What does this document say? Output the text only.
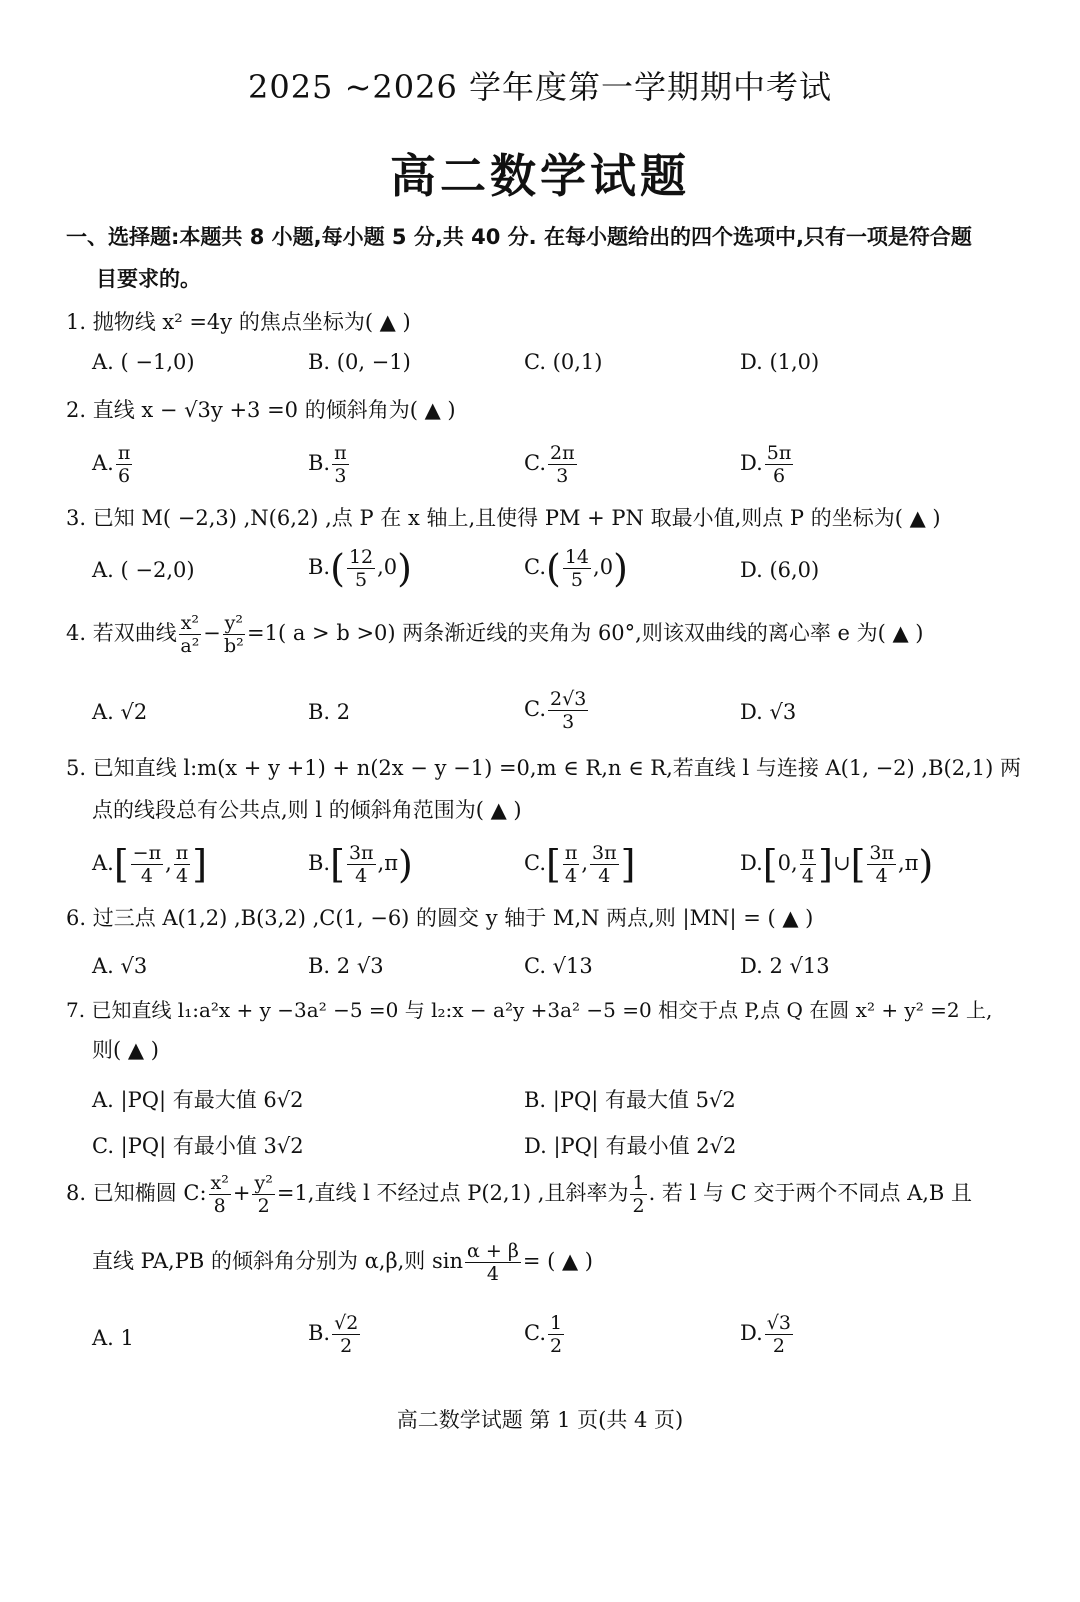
2025 ~2026 学年度第一学期期中考试
高二数学试题
一、选择题:本题共 8 小题,每小题 5 分,共 40 分. 在每小题给出的四个选项中,只有一项是符合题
目要求的。
1. 抛物线 x² =4y 的焦点坐标为( ▲ )
A. ( −1,0)	B. (0, −1)	C. (0,1)	D. (1,0)
2. 直线 x − √3y +3 =0 的倾斜角为( ▲ )
A. $\frac{\pi}{6}$	B. $\frac{\pi}{3}$	C. $\frac{2\pi}{3}$	D. $\frac{5\pi}{6}$
3. 已知 M( −2,3) ,N(6,2) ,点 P 在 x 轴上,且使得 PM + PN 取最小值,则点 P 的坐标为( ▲ )
A. ( −2,0)	$B.( \frac{12}{5} ,0)$	$C.( \frac{14}{5} ,0)$	D. (6,0)
4. 若双曲线 $\frac{\text{x²}}{\text{a²}} - \frac{\text{y²}}{\text{b²}} =1$( a > b >0) 两条渐近线的夹角为 60°,则该双曲线的离心率 e 为( ▲ )
A. √2	B. 2	C. $\frac{2√3}{3}$	D. √3
5. 已知直线 l:m(x + y +1) + n(2x − y −1) =0,m ∈ R,n ∈ R,若直线 l 与连接 A(1, −2) ,B(2,1) 两
点的线段总有公共点,则 l 的倾斜角范围为( ▲ )
$A.[ \frac{-\pi}{4}$ , $\frac{\pi}{4}$ ]	$B.[ \frac{3\pi}{4} ,\pi)$	$C.[ \frac{\pi}{4}$ , $\frac{3\pi}{4}$ ]	D.[0, $\frac{\pi}{4}$ ]∪[ $\frac{3\pi}{4} ,\pi$)
6. 过三点 A(1,2) ,B(3,2) ,C(1, −6) 的圆交 y 轴于 M,N 两点,则 |MN| = ( ▲ )
A. √3	B. 2 √3	C. √13	D. 2 √13
7. 已知直线 l₁:a²x + y −3a² −5 =0 与 l₂:x − a²y +3a² −5 =0 相交于点 P,点 Q 在圆 x² + y² =2 上,
则( ▲ )
A. |PQ| 有最大值 6√2	B. |PQ| 有最大值 5√2
C. |PQ| 有最小值 3√2	D. |PQ| 有最小值 2√2
8. 已知椭圆 C: $\frac{\text{x²}}{8} + \frac{\text{y²}}{2} =1$,直线 l 不经过点 P(2,1) ,且斜率为 $\frac{1}{2}$ . 若 l 与 C 交于两个不同点 A,B 且
直线 PA,PB 的倾斜角分别为 α,β,则 $\sin \frac{\alpha + \beta}{4}$ = ( ▲ )
A. 1	B. $\frac{√2}{2}$	C. $\frac{1}{2}$	D. $\frac{√3}{2}$
高二数学试题 第 1 页(共 4 页)
